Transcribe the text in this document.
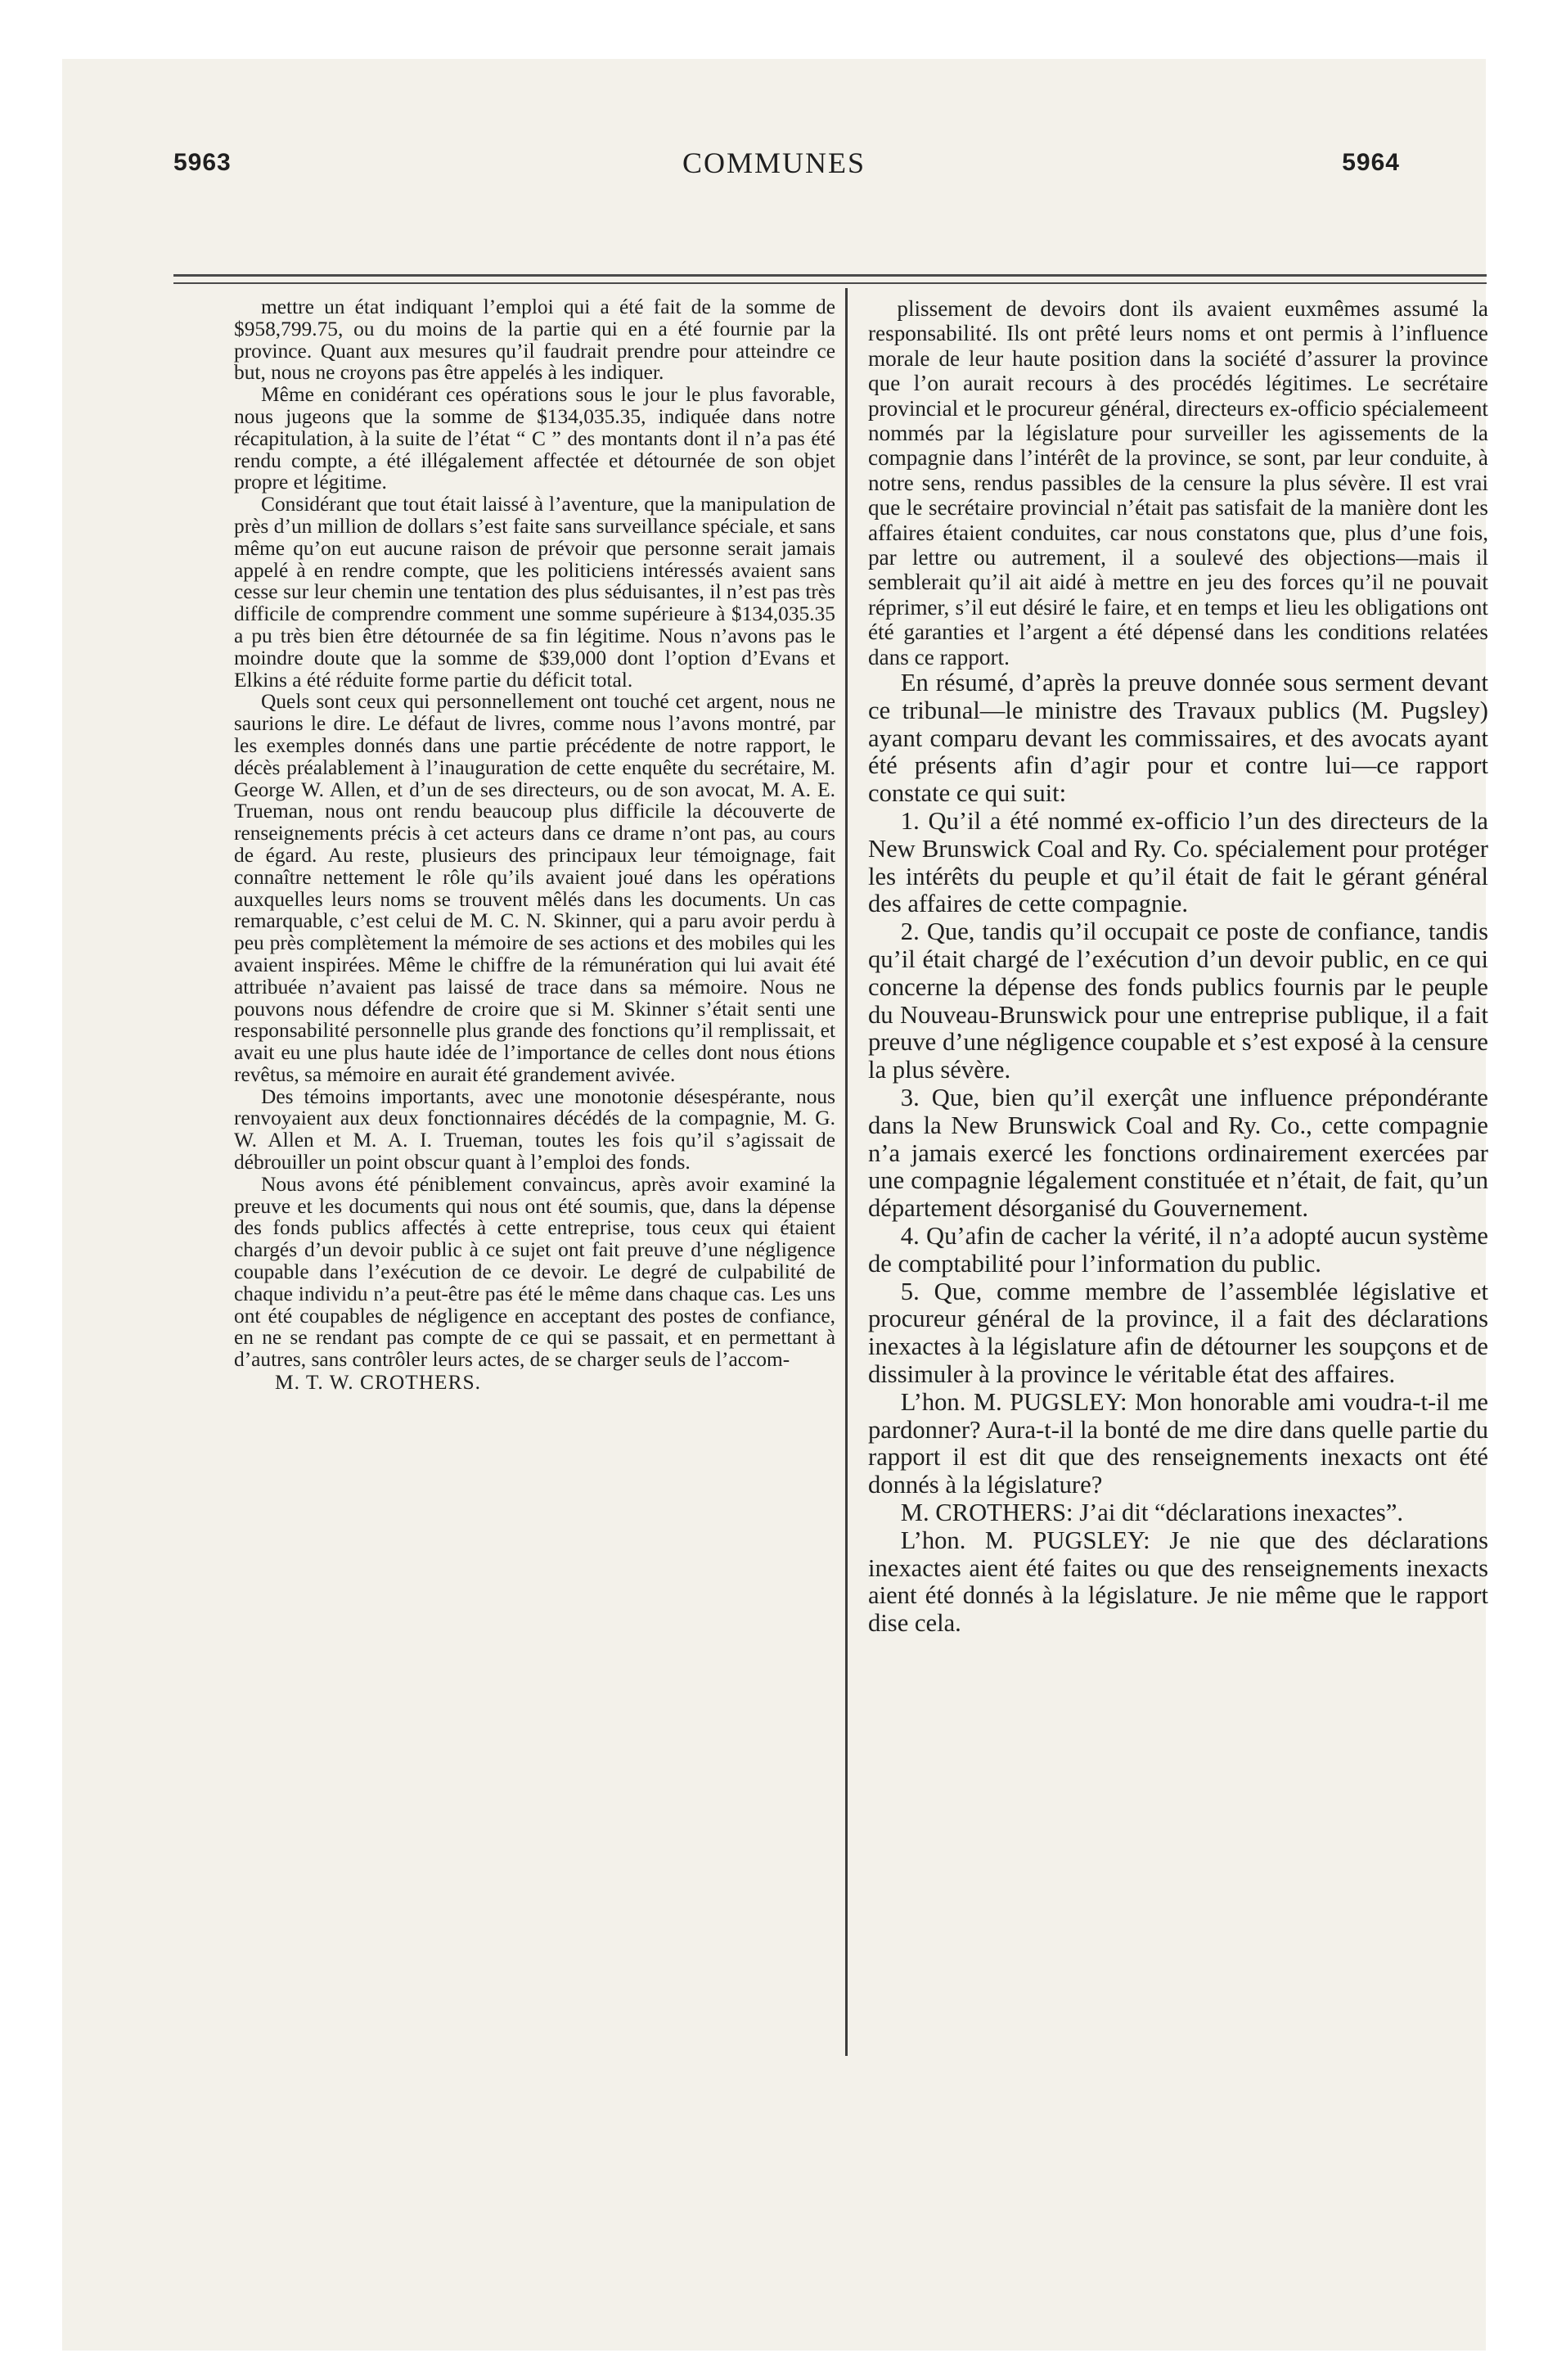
5963	COMMUNES	5964

mettre un état indiquant l’emploi qui a été fait de la somme de $958,799.75, ou du moins de la partie qui en a été fournie par la province. Quant aux mesures qu’il faudrait prendre pour atteindre ce but, nous ne croyons pas être appelés à les indiquer.

Même en conidérant ces opérations sous le jour le plus favorable, nous jugeons que la somme de $134,035.35, indiquée dans notre récapitulation, à la suite de l’état “ C ” des montants dont il n’a pas été rendu compte, a été illégalement affectée et détournée de son objet propre et légitime.

Considérant que tout était laissé à l’aventure, que la manipulation de près d’un million de dollars s’est faite sans surveillance spéciale, et sans même qu’on eut aucune raison de prévoir que personne serait jamais appelé à en rendre compte, que les politiciens intéressés avaient sans cesse sur leur chemin une tentation des plus séduisantes, il n’est pas très difficile de comprendre comment une somme supérieure à $134,035.35 a pu très bien être détournée de sa fin légitime. Nous n’avons pas le moindre doute que la somme de $39,000 dont l’option d’Evans et Elkins a été réduite forme partie du déficit total.

Quels sont ceux qui personnellement ont touché cet argent, nous ne saurions le dire. Le défaut de livres, comme nous l’avons montré, par les exemples donnés dans une partie précédente de notre rapport, le décès préalablement à l’inauguration de cette enquête du secrétaire, M. George W. Allen, et d’un de ses directeurs, ou de son avocat, M. A. E. Trueman, nous ont rendu beaucoup plus difficile la découverte de renseignements précis à cet acteurs dans ce drame n’ont pas, au cours de égard. Au reste, plusieurs des principaux leur témoignage, fait connaître nettement le rôle qu’ils avaient joué dans les opérations auxquelles leurs noms se trouvent mêlés dans les documents. Un cas remarquable, c’est celui de M. C. N. Skinner, qui a paru avoir perdu à peu près complètement la mémoire de ses actions et des mobiles qui les avaient inspirées. Même le chiffre de la rémunération qui lui avait été attribuée n’avaient pas laissé de trace dans sa mémoire. Nous ne pouvons nous défendre de croire que si M. Skinner s’était senti une responsabilité personnelle plus grande des fonctions qu’il remplissait, et avait eu une plus haute idée de l’importance de celles dont nous étions revêtus, sa mémoire en aurait été grandement avivée.

Des témoins importants, avec une monotonie désespérante, nous renvoyaient aux deux fonctionnaires décédés de la compagnie, M. G. W. Allen et M. A. I. Trueman, toutes les fois qu’il s’agissait de débrouiller un point obscur quant à l’emploi des fonds.

Nous avons été péniblement convaincus, après avoir examiné la preuve et les documents qui nous ont été soumis, que, dans la dépense des fonds publics affectés à cette entreprise, tous ceux qui étaient chargés d’un devoir public à ce sujet ont fait preuve d’une négligence coupable dans l’exécution de ce devoir. Le degré de culpabilité de chaque individu n’a peut-être pas été le même dans chaque cas. Les uns ont été coupables de négligence en acceptant des postes de confiance, en ne se rendant pas compte de ce qui se passait, et en permettant à d’autres, sans contrôler leurs actes, de se charger seuls de l’accom-

M. T. W. CROTHERS.

plissement de devoirs dont ils avaient euxmêmes assumé la responsabilité. Ils ont prêté leurs noms et ont permis à l’influence morale de leur haute position dans la société d’assurer la province que l’on aurait recours à des procédés légitimes. Le secrétaire provincial et le procureur général, directeurs ex-officio spécialemeent nommés par la législature pour surveiller les agissements de la compagnie dans l’intérêt de la province, se sont, par leur conduite, à notre sens, rendus passibles de la censure la plus sévère. Il est vrai que le secrétaire provincial n’était pas satisfait de la manière dont les affaires étaient conduites, car nous constatons que, plus d’une fois, par lettre ou autrement, il a soulevé des objections—mais il semblerait qu’il ait aidé à mettre en jeu des forces qu’il ne pouvait réprimer, s’il eut désiré le faire, et en temps et lieu les obligations ont été garanties et l’argent a été dépensé dans les conditions relatées dans ce rapport.

En résumé, d’après la preuve donnée sous serment devant ce tribunal—le ministre des Travaux publics (M. Pugsley) ayant comparu devant les commissaires, et des avocats ayant été présents afin d’agir pour et contre lui—ce rapport constate ce qui suit:

1. Qu’il a été nommé ex-officio l’un des directeurs de la New Brunswick Coal and Ry. Co. spécialement pour protéger les intérêts du peuple et qu’il était de fait le gérant général des affaires de cette compagnie.

2. Que, tandis qu’il occupait ce poste de confiance, tandis qu’il était chargé de l’exécution d’un devoir public, en ce qui concerne la dépense des fonds publics fournis par le peuple du Nouveau-Brunswick pour une entreprise publique, il a fait preuve d’une négligence coupable et s’est exposé à la censure la plus sévère.

3. Que, bien qu’il exerçât une influence prépondérante dans la New Brunswick Coal and Ry. Co., cette compagnie n’a jamais exercé les fonctions ordinairement exercées par une compagnie légalement constituée et n’était, de fait, qu’un département désorganisé du Gouvernement.

4. Qu’afin de cacher la vérité, il n’a adopté aucun système de comptabilité pour l’information du public.

5. Que, comme membre de l’assemblée législative et procureur général de la province, il a fait des déclarations inexactes à la législature afin de détourner les soupçons et de dissimuler à la province le véritable état des affaires.

L’hon. M. PUGSLEY: Mon honorable ami voudra-t-il me pardonner? Aura-t-il la bonté de me dire dans quelle partie du rapport il est dit que des renseignements inexacts ont été donnés à la législature?

M. CROTHERS: J’ai dit “déclarations inexactes”.

L’hon. M. PUGSLEY: Je nie que des déclarations inexactes aient été faites ou que des renseignements inexacts aient été donnés à la législature. Je nie même que le rapport dise cela.
